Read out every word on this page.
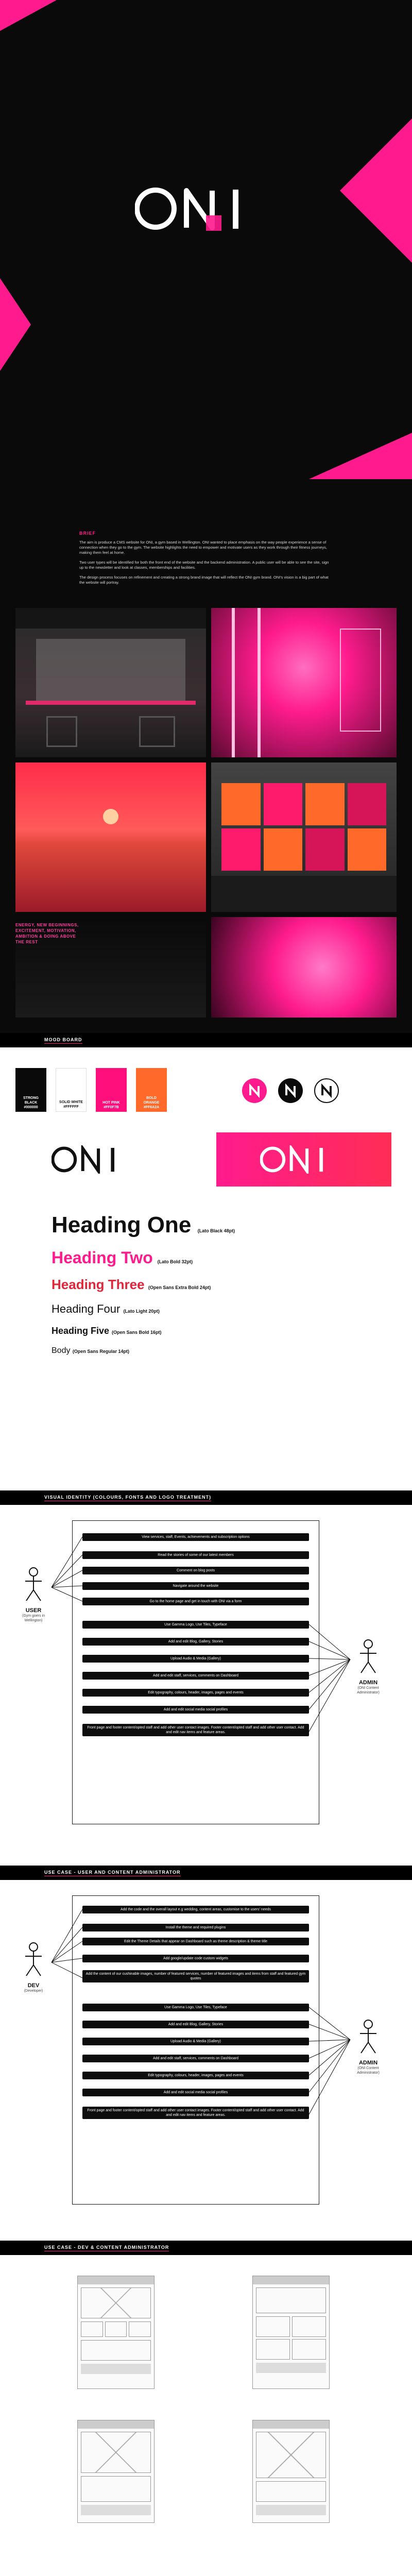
BRIEF

The aim is produce a CMS website for ONI, a gym based in Wellington. ONI wanted to place emphasis on the way people experience a sense of connection when they go to the gym. The website highlights the need to empower and motivate users as they work through their fitness journeys, making them feel at home.

Two user types will be identified for both the front end of the website and the backend administration. A public user will be able to see the site, sign up to the newsletter and look at classes, memberships and facilities.

The design process focuses on refinement and creating a strong brand image that will reflect the ONI gym brand. ONI's vision is a big part of what the website will portray.

ENERGY, NEW BEGINNINGS, EXCITEMENT, MOTIVATION, AMBITION & DOING ABOVE THE REST
MOOD BOARD
STRONG BLACK #000000
SOLID WHITE #FFFFFF
HOT PINK #FF0F7B
BOLD ORANGE #FF6A2A
Heading One (Lato Black 48pt)
Heading Two (Lato Bold 32pt)
Heading Three (Open Sans Extra Bold 24pt)
Heading Four (Lato Light 20pt)
Heading Five (Open Sans Bold 16pt)
Body (Open Sans Regular 14pt)
VISUAL IDENTITY (COLOURS, FONTS AND LOGO TREATMENT)
USER
(Gym goers in Wellington)
ADMIN
(ONI Content Administrator)
View services, staff, Events, achievements and subscription options
Read the stories of some of our latest members
Comment on blog posts
Navigate around the website
Go to the home page and get in touch with ONI via a form
Use Gamma Logo, Use Tiles, Typeface
Add and edit Blog, Gallery, Stories
Upload Audio & Media (Gallery)
Add and edit staff, services, comments on Dashboard
Edit typography, colours, header, images, pages and events
Add and edit social media social profiles
Front page and footer content/opted staff and add other user contact images. Footer content/opted staff and add other user contact. Add and edit nav items and feature areas.
USE CASE - USER AND CONTENT ADMINISTRATOR
DEV
(Developer)
ADMIN
(ONI Content Administrator)
Add the code and the overall layout e.g wedding, content areas, customise to the users' needs
Install the theme and required plugins
Edit the Theme Details that appear on Dashboard such as theme description & theme title
Add google/update code custom widgets
Add the content of our cushinable images, number of featured services, number of featured images and items from staff and featured gym quotes
Use Gamma Logo, Use Tiles, Typeface
Add and edit Blog, Gallery, Stories
Upload Audio & Media (Gallery)
Add and edit staff, services, comments on Dashboard
Edit typography, colours, header, images, pages and events
Add and edit social media social profiles
Front page and footer content/opted staff and add other user contact images. Footer content/opted staff and add other user contact. Add and edit nav items and feature areas.
USE CASE - DEV & CONTENT ADMINISTRATOR
